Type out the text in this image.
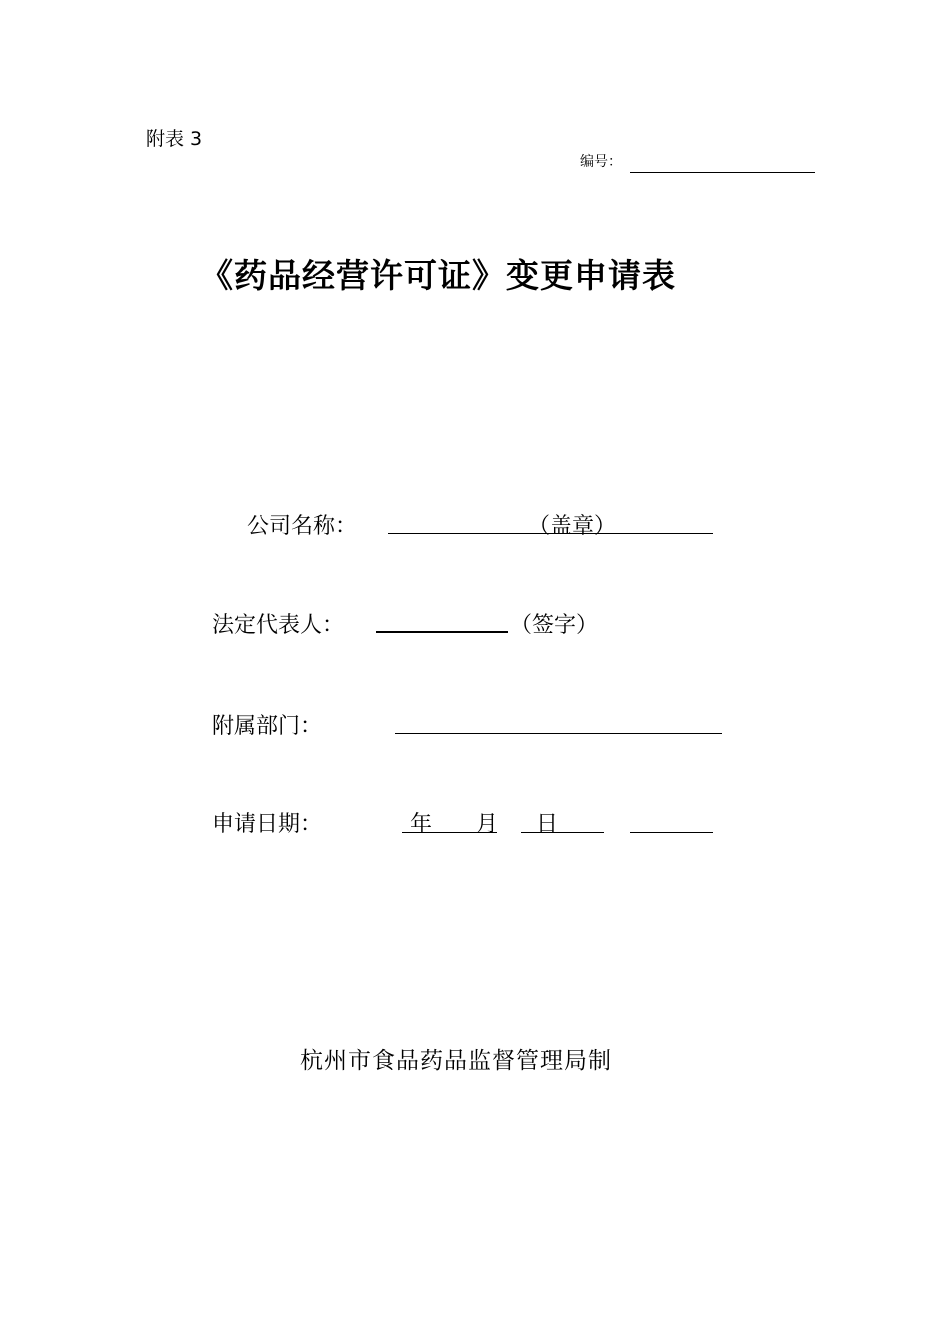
附表 3
编号：
《药品经营许可证》变更申请表
公司名称：	（盖章）
法定代表人：	（签字）
附属部门：
申请日期：	年 月 日
杭州市食品药品监督管理局制
